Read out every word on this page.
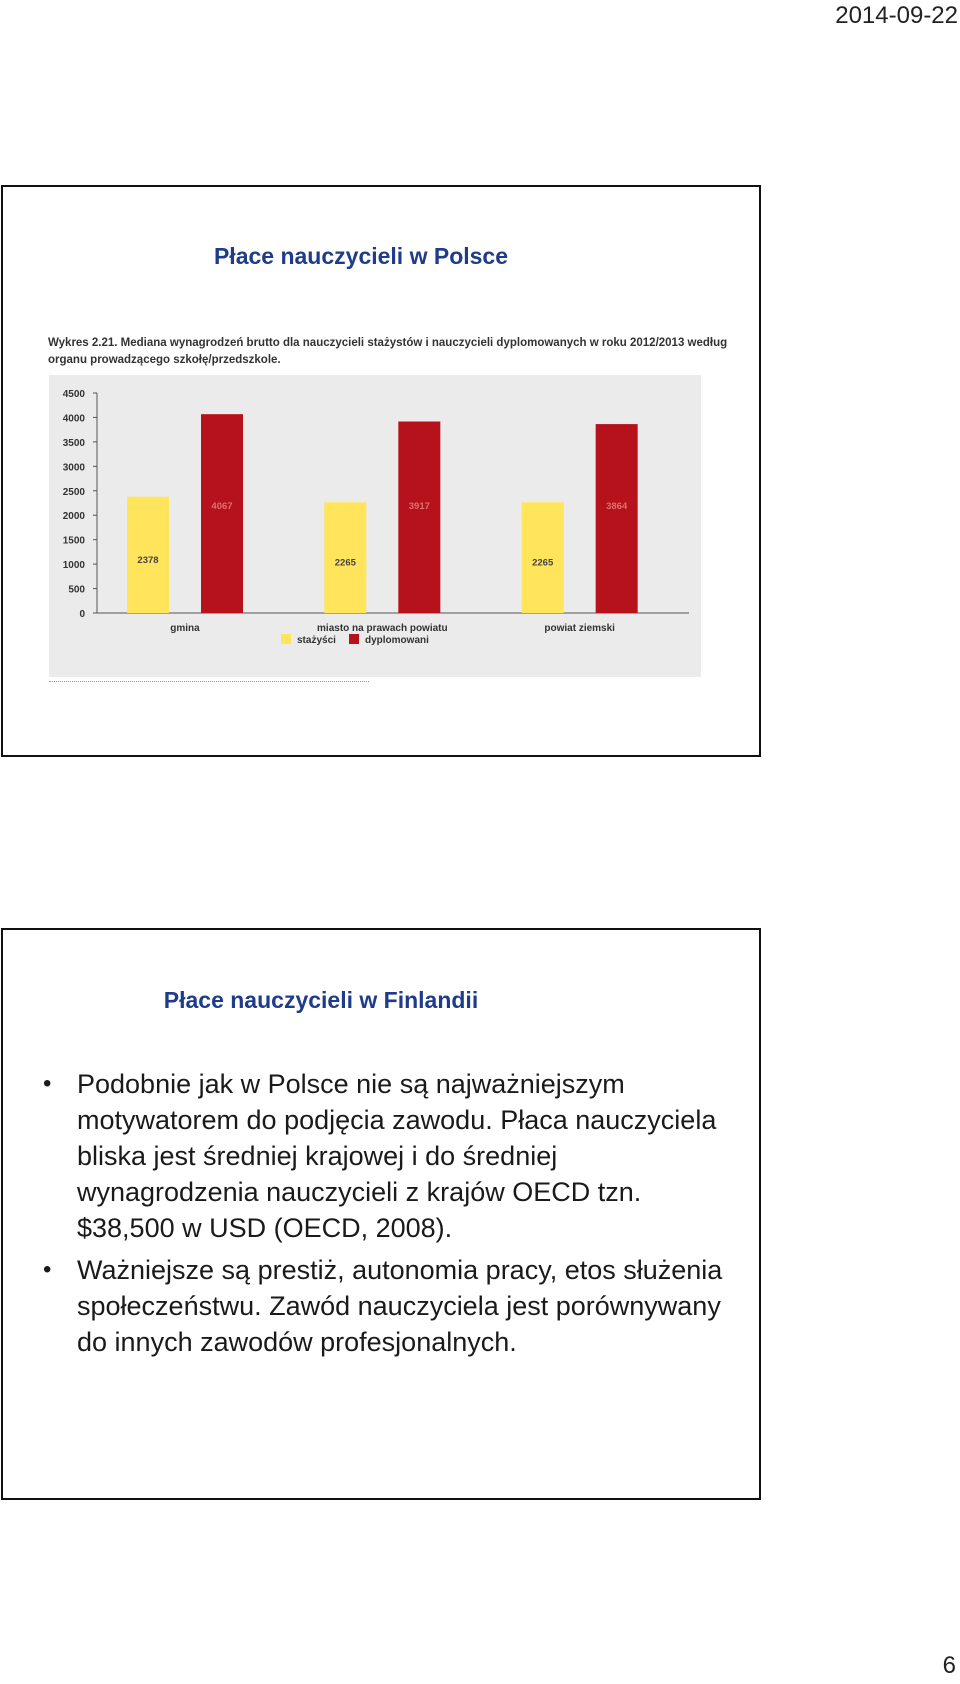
2014-09-22
Płace nauczycieli w Polsce
Wykres 2.21. Mediana wynagrodzeń brutto dla nauczycieli stażystów i nauczycieli dyplomowanych w roku 2012/2013 według organu prowadzącego szkołę/przedszkole.
0
500
1000
1500
2000
2500
3000
3500
4000
4500
2378
4067
gmina
2265
3917
miasto na prawach powiatu
2265
3864
powiat ziemski
stażyści	dyplomowani
Płace nauczycieli w Finlandii
• Podobnie jak w Polsce nie są najważniejszym motywatorem do podjęcia zawodu. Płaca nauczyciela bliska jest średniej krajowej i do średniej wynagrodzenia nauczycieli z krajów OECD tzn. $38,500 w USD (OECD, 2008).
• Ważniejsze są prestiż, autonomia pracy, etos służenia społeczeństwu. Zawód nauczyciela jest porównywany do innych zawodów profesjonalnych.
6
